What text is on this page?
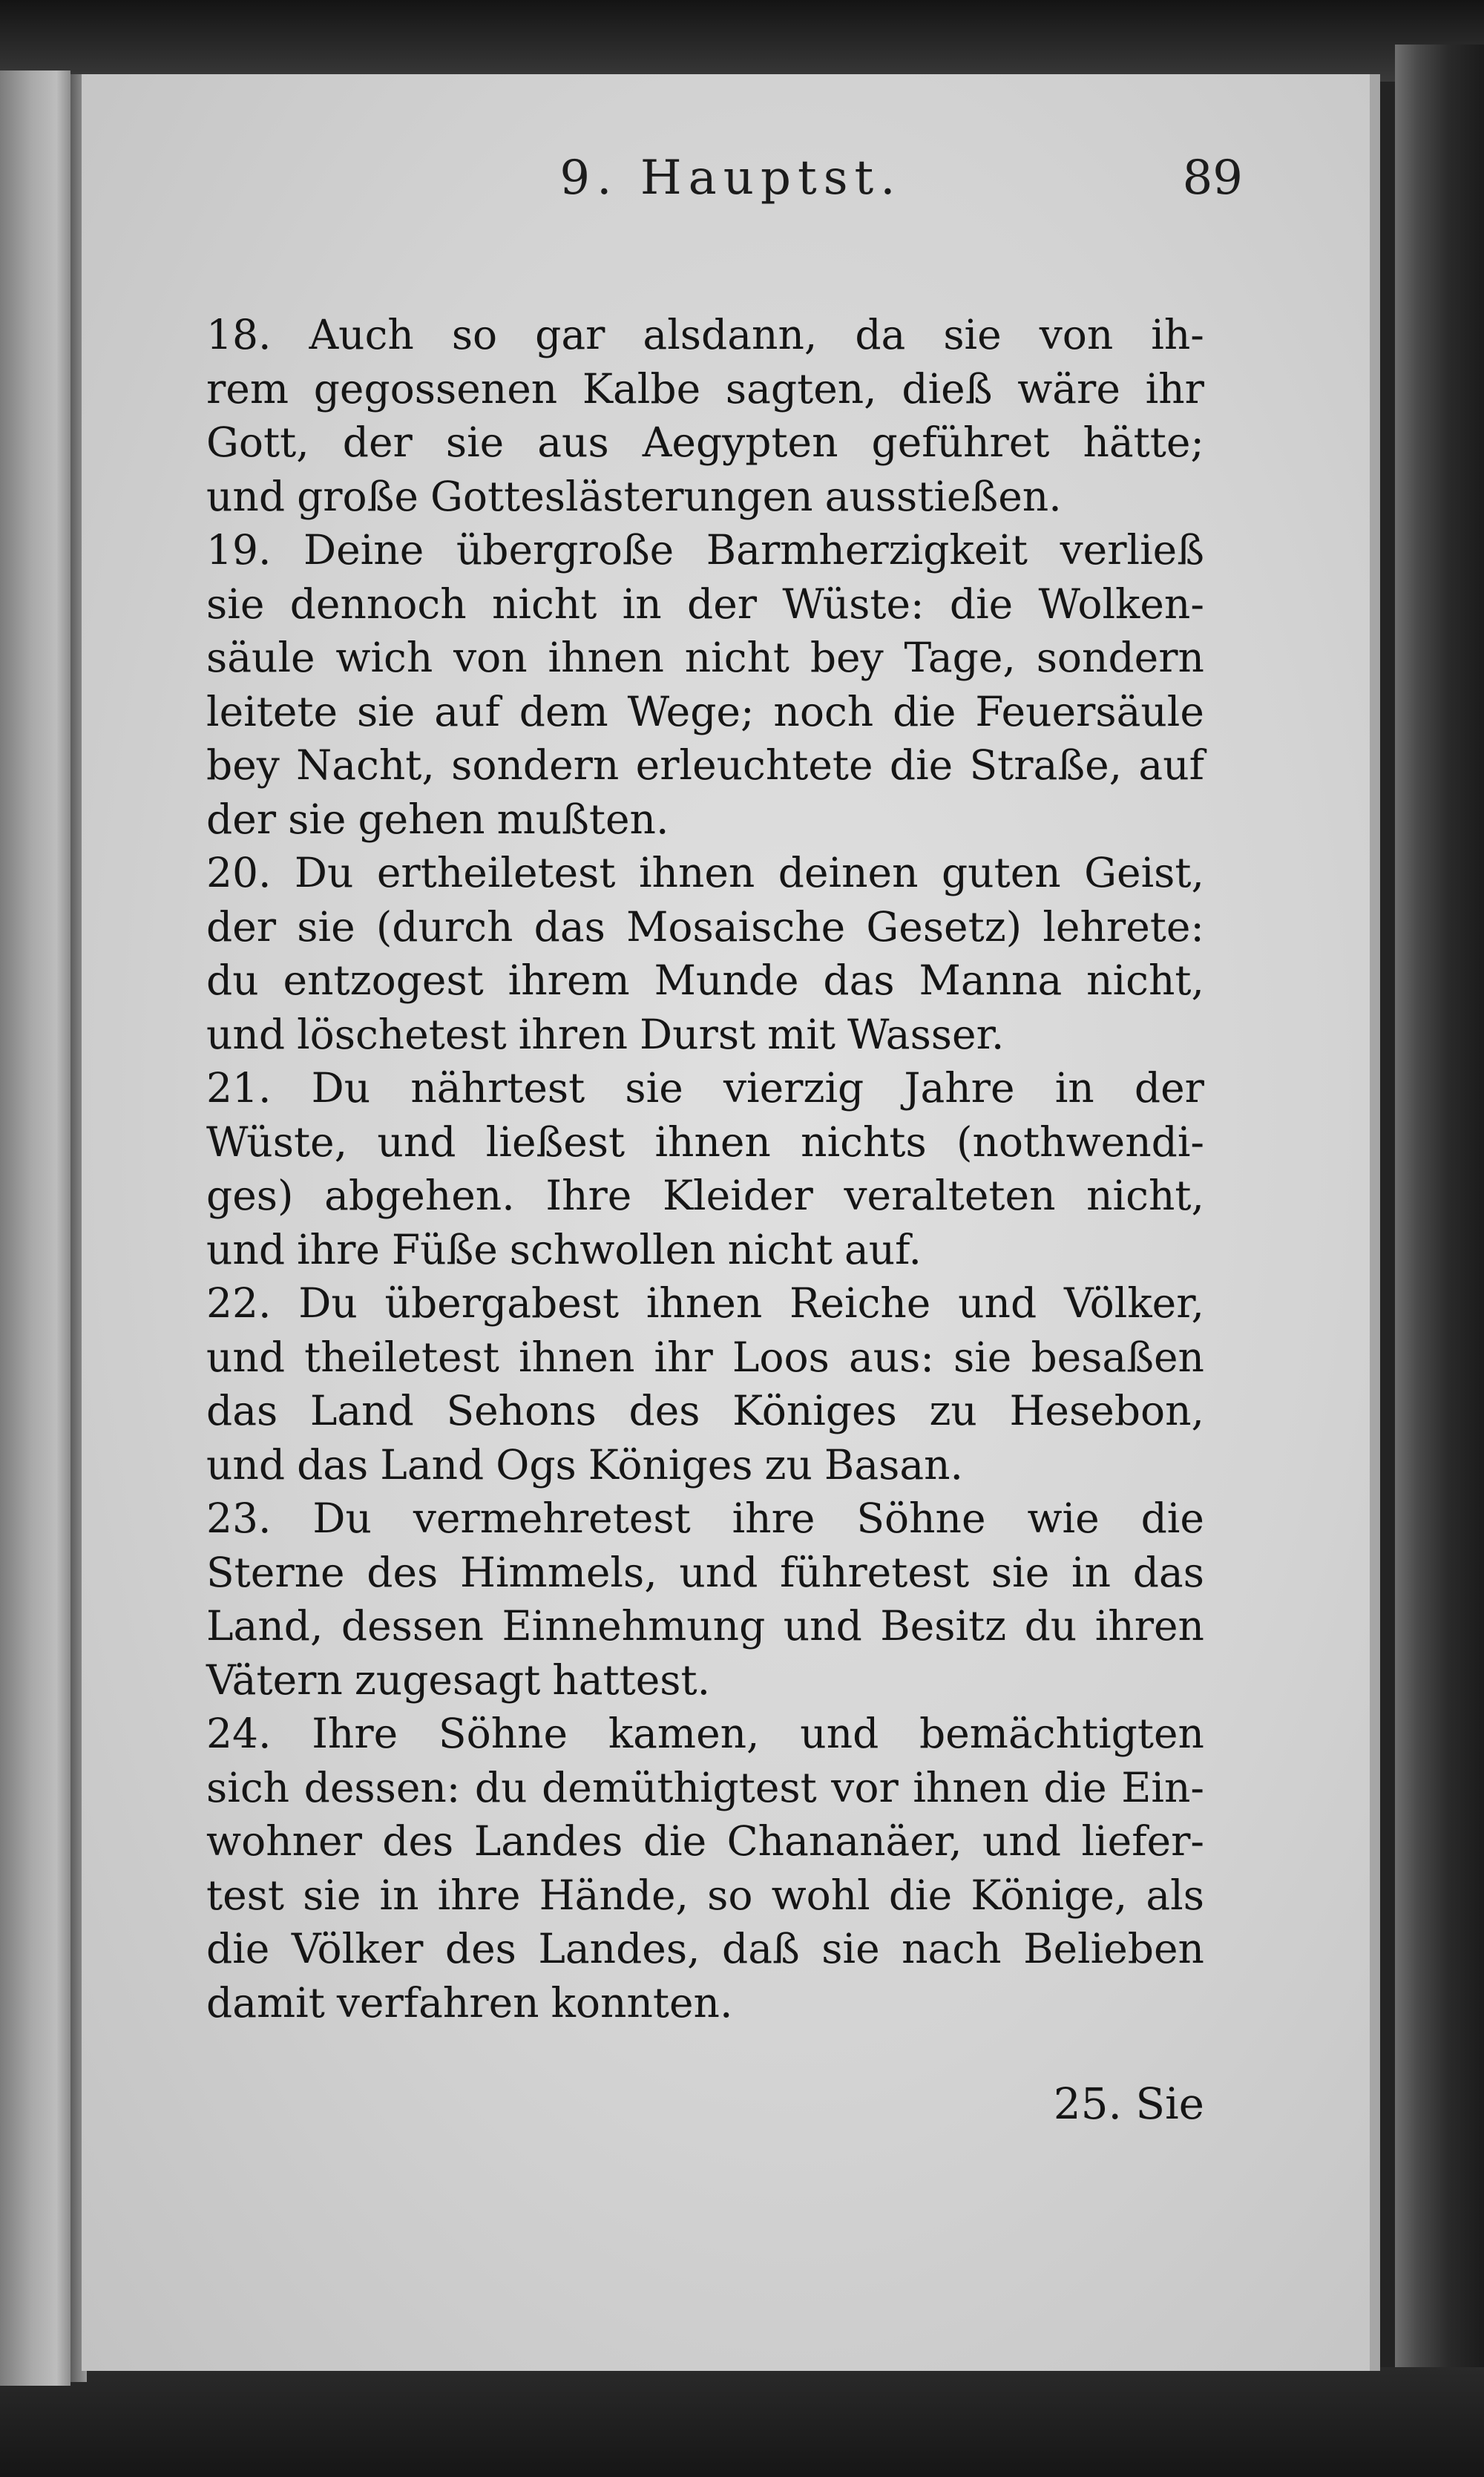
9. Hauptst.	89
18. Auch so gar alsdann, da sie von ih-
rem gegossenen Kalbe sagten, dieß wäre ihr
Gott, der sie aus Aegypten geführet hätte;
und große Gotteslästerungen ausstießen.
19. Deine übergroße Barmherzigkeit verließ
sie dennoch nicht in der Wüste: die Wolken-
säule wich von ihnen nicht bey Tage, sondern
leitete sie auf dem Wege; noch die Feuersäule
bey Nacht, sondern erleuchtete die Straße, auf
der sie gehen mußten.
20. Du ertheiletest ihnen deinen guten Geist,
der sie (durch das Mosaische Gesetz) lehrete:
du entzogest ihrem Munde das Manna nicht,
und löschetest ihren Durst mit Wasser.
21. Du nährtest sie vierzig Jahre in der
Wüste, und ließest ihnen nichts (nothwendi-
ges) abgehen. Ihre Kleider veralteten nicht,
und ihre Füße schwollen nicht auf.
22. Du übergabest ihnen Reiche und Völker,
und theiletest ihnen ihr Loos aus: sie besaßen
das Land Sehons des Königes zu Hesebon,
und das Land Ogs Königes zu Basan.
23. Du vermehretest ihre Söhne wie die
Sterne des Himmels, und führetest sie in das
Land, dessen Einnehmung und Besitz du ihren
Vätern zugesagt hattest.
24. Ihre Söhne kamen, und bemächtigten
sich dessen: du demüthigtest vor ihnen die Ein-
wohner des Landes die Chananäer, und liefer-
test sie in ihre Hände, so wohl die Könige, als
die Völker des Landes, daß sie nach Belieben
damit verfahren konnten.
25. Sie
